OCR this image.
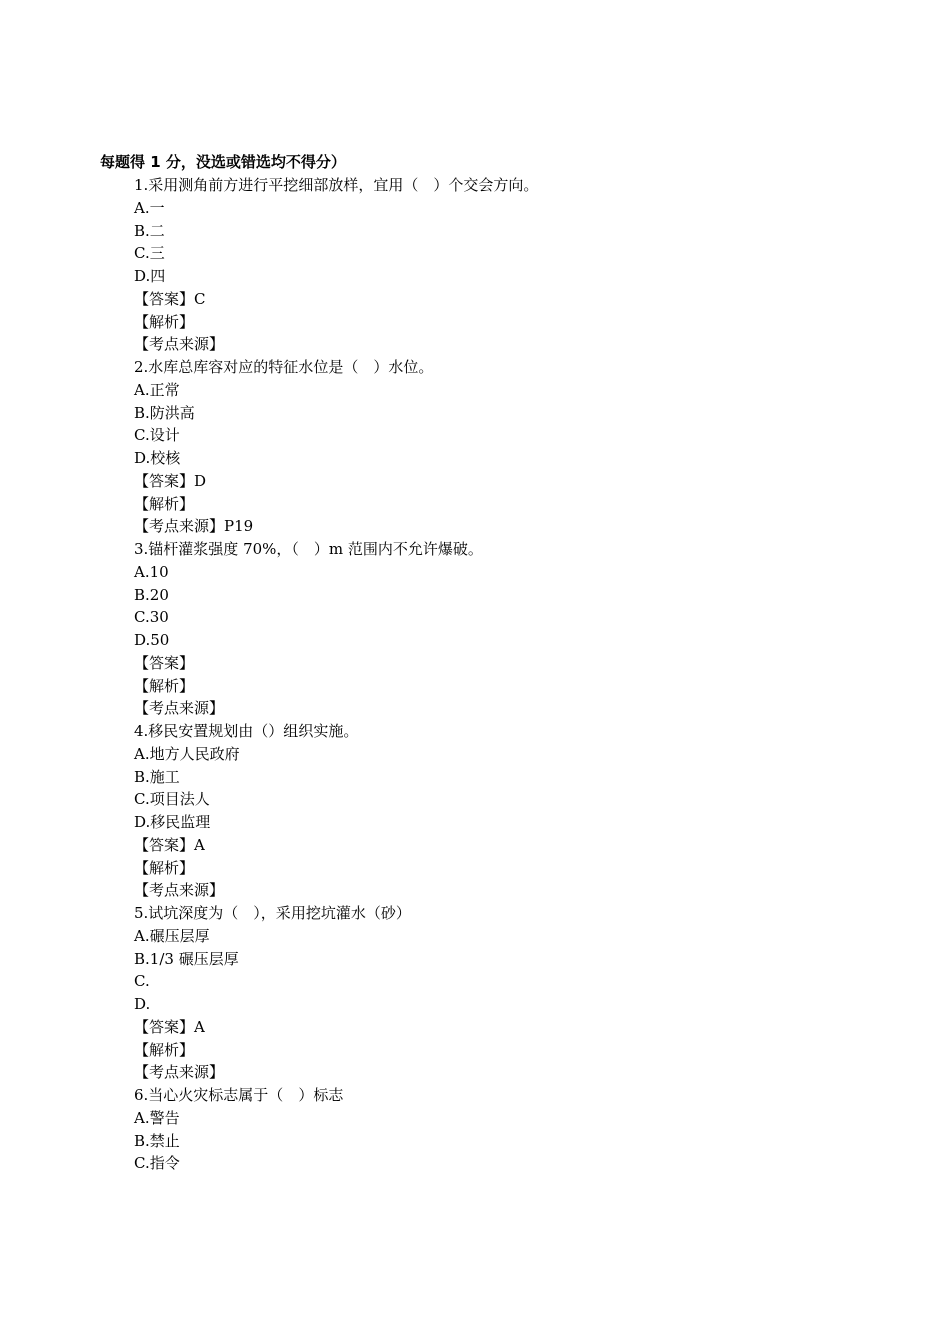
每题得 1 分，没选或错选均不得分）
1.采用测角前方进行平挖细部放样，宜用（　）个交会方向。
A.一
B.二
C.三
D.四
【答案】C
【解析】
【考点来源】
2.水库总库容对应的特征水位是（　）水位。
A.正常
B.防洪高
C.设计
D.校核
【答案】D
【解析】
【考点来源】P19
3.锚杆灌浆强度 70%，（　）m 范围内不允许爆破。
A.10
B.20
C.30
D.50
【答案】
【解析】
【考点来源】
4.移民安置规划由（）组织实施。
A.地方人民政府
B.施工
C.项目法人
D.移民监理
【答案】A
【解析】
【考点来源】
5.试坑深度为（　），采用挖坑灌水（砂）
A.碾压层厚
B.1/3 碾压层厚
C.
D.
【答案】A
【解析】
【考点来源】
6.当心火灾标志属于（　）标志
A.警告
B.禁止
C.指令
